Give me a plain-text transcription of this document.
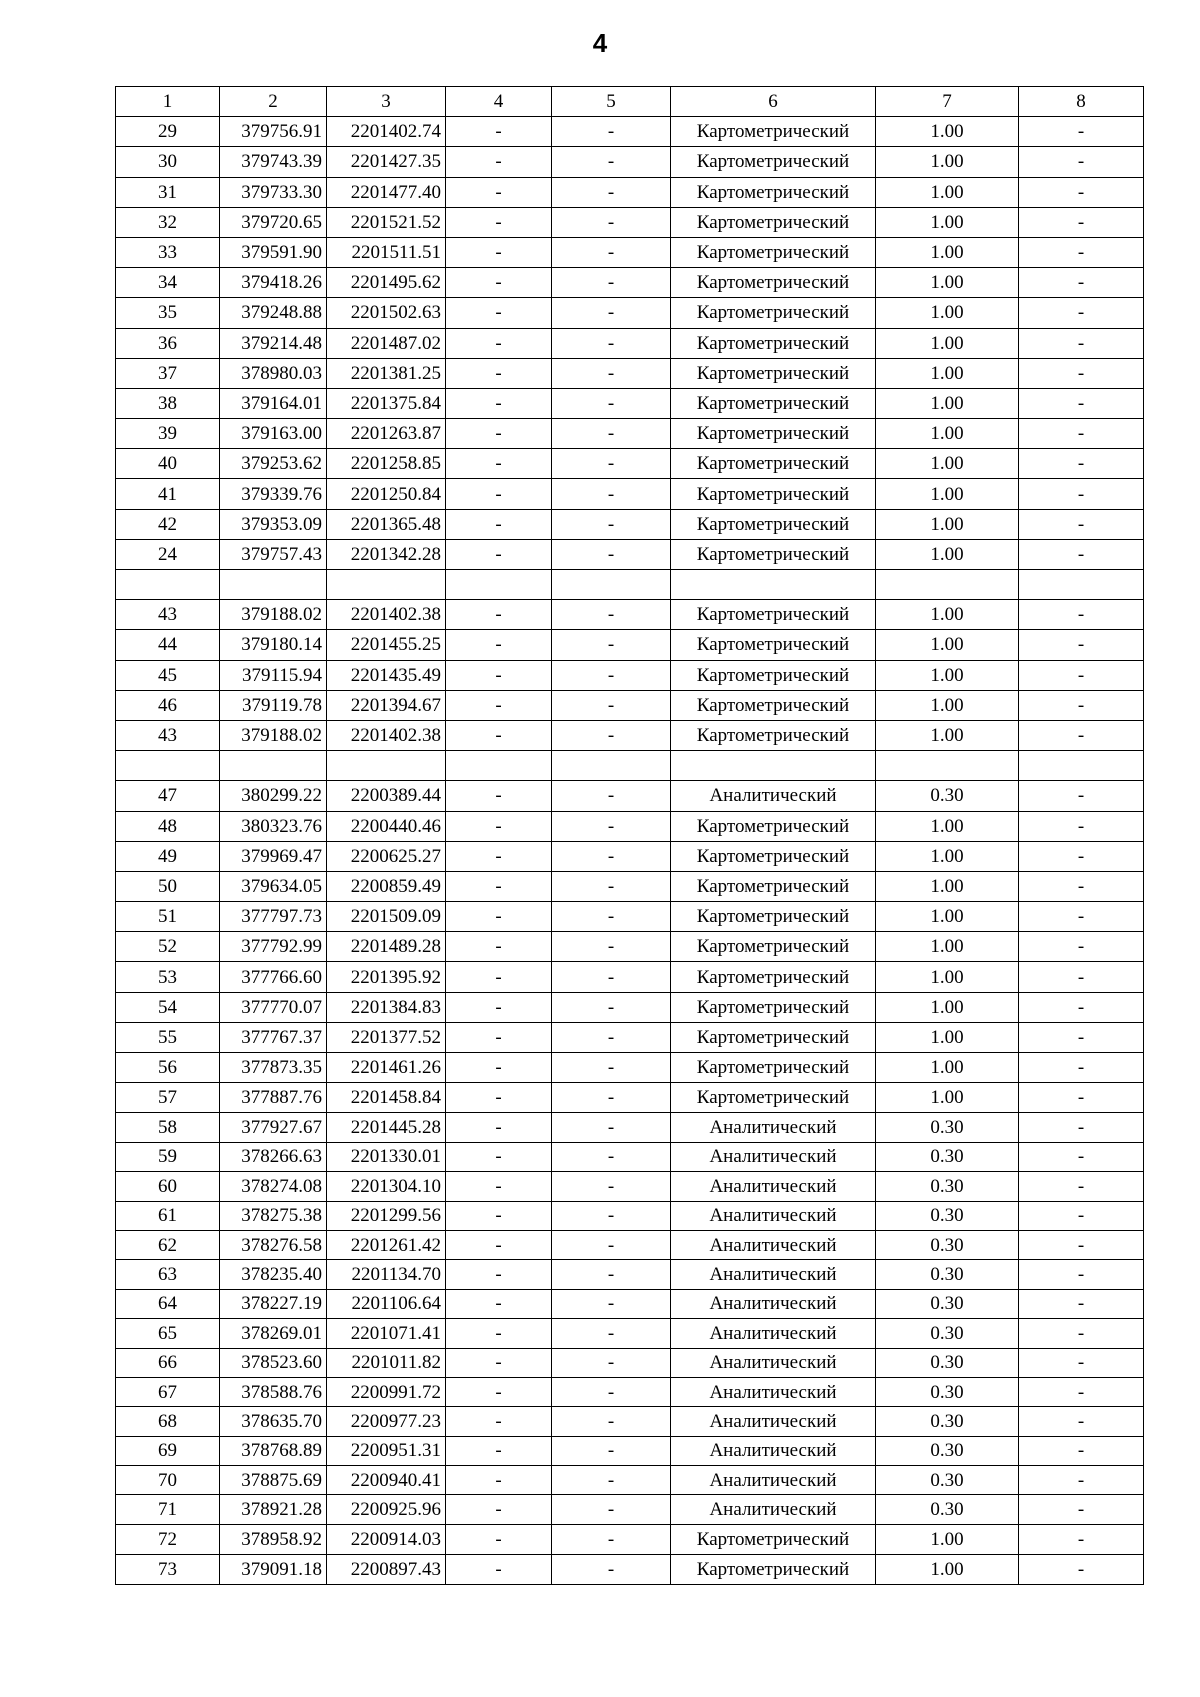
4
1	2	3	4	5	6	7	8
29	379756.91	2201402.74	-	-	Картометрический	1.00	-
30	379743.39	2201427.35	-	-	Картометрический	1.00	-
31	379733.30	2201477.40	-	-	Картометрический	1.00	-
32	379720.65	2201521.52	-	-	Картометрический	1.00	-
33	379591.90	2201511.51	-	-	Картометрический	1.00	-
34	379418.26	2201495.62	-	-	Картометрический	1.00	-
35	379248.88	2201502.63	-	-	Картометрический	1.00	-
36	379214.48	2201487.02	-	-	Картометрический	1.00	-
37	378980.03	2201381.25	-	-	Картометрический	1.00	-
38	379164.01	2201375.84	-	-	Картометрический	1.00	-
39	379163.00	2201263.87	-	-	Картометрический	1.00	-
40	379253.62	2201258.85	-	-	Картометрический	1.00	-
41	379339.76	2201250.84	-	-	Картометрический	1.00	-
42	379353.09	2201365.48	-	-	Картометрический	1.00	-
24	379757.43	2201342.28	-	-	Картометрический	1.00	-

43	379188.02	2201402.38	-	-	Картометрический	1.00	-
44	379180.14	2201455.25	-	-	Картометрический	1.00	-
45	379115.94	2201435.49	-	-	Картометрический	1.00	-
46	379119.78	2201394.67	-	-	Картометрический	1.00	-
43	379188.02	2201402.38	-	-	Картометрический	1.00	-

47	380299.22	2200389.44	-	-	Аналитический	0.30	-
48	380323.76	2200440.46	-	-	Картометрический	1.00	-
49	379969.47	2200625.27	-	-	Картометрический	1.00	-
50	379634.05	2200859.49	-	-	Картометрический	1.00	-
51	377797.73	2201509.09	-	-	Картометрический	1.00	-
52	377792.99	2201489.28	-	-	Картометрический	1.00	-
53	377766.60	2201395.92	-	-	Картометрический	1.00	-
54	377770.07	2201384.83	-	-	Картометрический	1.00	-
55	377767.37	2201377.52	-	-	Картометрический	1.00	-
56	377873.35	2201461.26	-	-	Картометрический	1.00	-
57	377887.76	2201458.84	-	-	Картометрический	1.00	-
58	377927.67	2201445.28	-	-	Аналитический	0.30	-
59	378266.63	2201330.01	-	-	Аналитический	0.30	-
60	378274.08	2201304.10	-	-	Аналитический	0.30	-
61	378275.38	2201299.56	-	-	Аналитический	0.30	-
62	378276.58	2201261.42	-	-	Аналитический	0.30	-
63	378235.40	2201134.70	-	-	Аналитический	0.30	-
64	378227.19	2201106.64	-	-	Аналитический	0.30	-
65	378269.01	2201071.41	-	-	Аналитический	0.30	-
66	378523.60	2201011.82	-	-	Аналитический	0.30	-
67	378588.76	2200991.72	-	-	Аналитический	0.30	-
68	378635.70	2200977.23	-	-	Аналитический	0.30	-
69	378768.89	2200951.31	-	-	Аналитический	0.30	-
70	378875.69	2200940.41	-	-	Аналитический	0.30	-
71	378921.28	2200925.96	-	-	Аналитический	0.30	-
72	378958.92	2200914.03	-	-	Картометрический	1.00	-
73	379091.18	2200897.43	-	-	Картометрический	1.00	-
